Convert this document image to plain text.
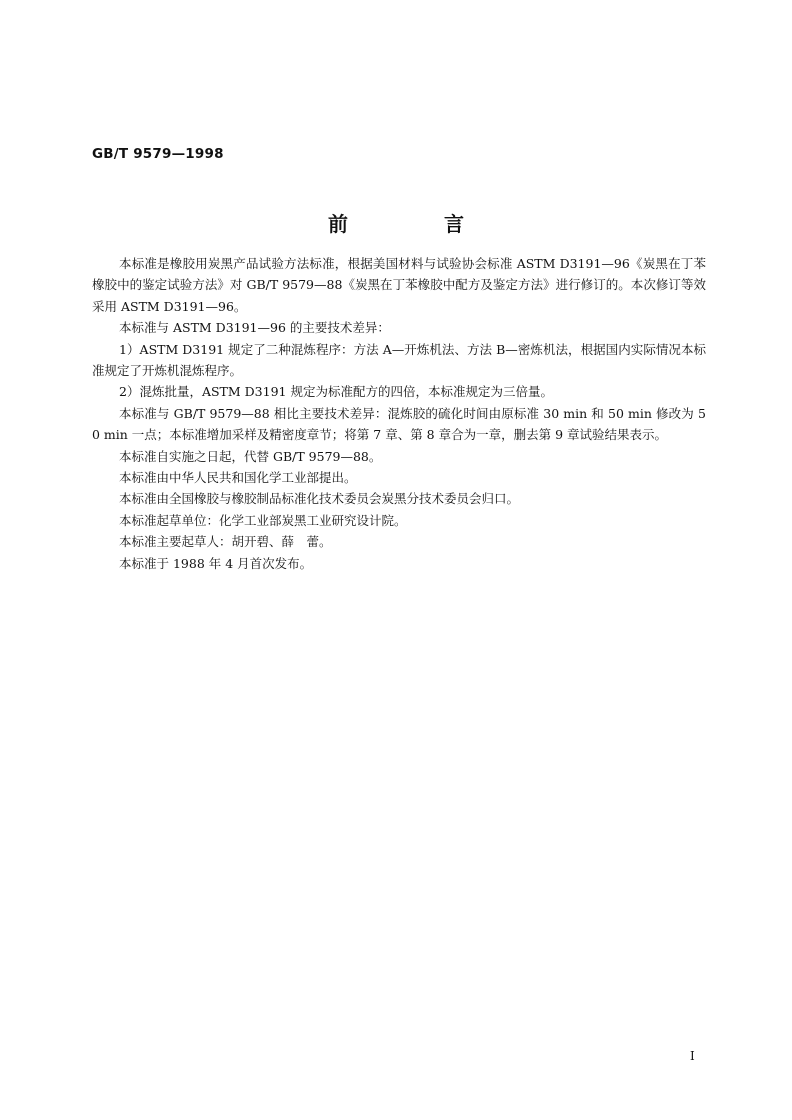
GB/T 9579—1998
前　言

本标准是橡胶用炭黑产品试验方法标准，根据美国材料与试验协会标准 ASTM D3191—96《炭黑在丁苯橡胶中的鉴定试验方法》对 GB/T 9579—88《炭黑在丁苯橡胶中配方及鉴定方法》进行修订的。本次修订等效采用 ASTM D3191—96。

本标准与 ASTM D3191—96 的主要技术差异：

1）ASTM D3191 规定了二种混炼程序：方法 A—开炼机法、方法 B—密炼机法，根据国内实际情况本标准规定了开炼机混炼程序。

2）混炼批量，ASTM D3191 规定为标准配方的四倍，本标准规定为三倍量。

本标准与 GB/T 9579—88 相比主要技术差异：混炼胶的硫化时间由原标准 30 min 和 50 min 修改为 50 min 一点；本标准增加采样及精密度章节；将第 7 章、第 8 章合为一章，删去第 9 章试验结果表示。

本标准自实施之日起，代替 GB/T 9579—88。

本标准由中华人民共和国化学工业部提出。

本标准由全国橡胶与橡胶制品标准化技术委员会炭黑分技术委员会归口。

本标准起草单位：化学工业部炭黑工业研究设计院。

本标准主要起草人：胡开碧、薛　蕾。

本标准于 1988 年 4 月首次发布。

I
